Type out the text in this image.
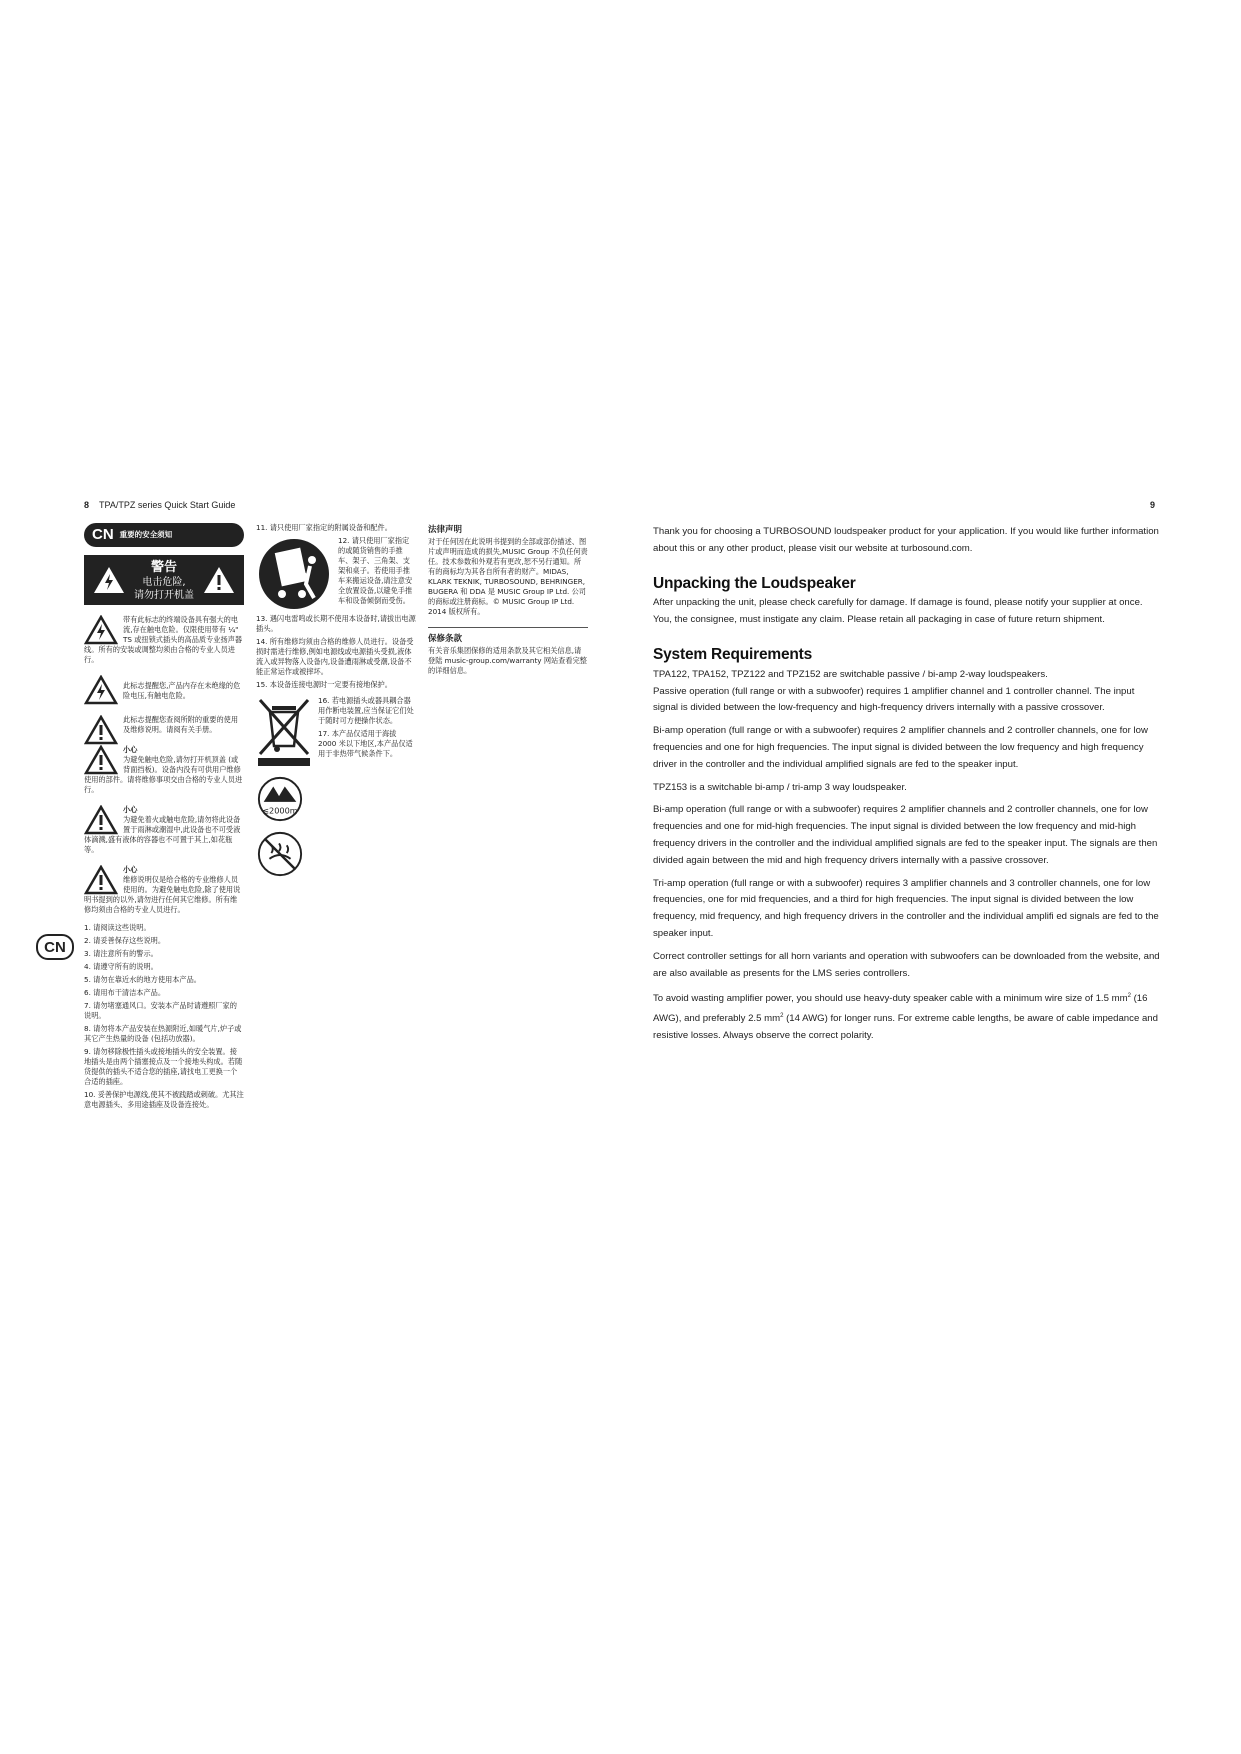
8 TPA/TPZ series Quick Start Guide	9
CN
CN 重要的安全须知
警告
电击危险,
请勿打开机盖

带有此标志的终端设备具有强大的电流,存在触电危险。仅限使用带有 ¼" TS 或扭锁式插头的高品质专业扬声器线。所有的安装或调整均须由合格的专业人员进行。

此标志提醒您,产品内存在未绝缘的危险电压,有触电危险。

此标志提醒您查阅所附的重要的使用及维修说明。请阅有关手册。

小心
为避免触电危险,请勿打开机顶盖 (或背面挡板)。设备内没有可供用户维修使用的部件。请将维修事项交由合格的专业人员进行。

小心
为避免着火或触电危险,请勿将此设备置于雨淋或潮湿中,此设备也不可受液体滴溅,盛有液体的容器也不可置于其上,如花瓶等。

小心
维修说明仅是给合格的专业维修人员使用的。为避免触电危险,除了使用说明书提到的以外,请勿进行任何其它维修。所有维修均须由合格的专业人员进行。

1. 请阅读这些说明。

2. 请妥善保存这些说明。

3. 请注意所有的警示。

4. 请遵守所有的说明。

5. 请勿在靠近水的地方使用本产品。

6. 请用布干清洁本产品。

7. 请勿堵塞通风口。安装本产品时请遵照厂家的说明。

8. 请勿将本产品安装在热源附近,如暖气片,炉子或其它产生热量的设备 (包括功放器)。

9. 请勿移除极性插头或接地插头的安全装置。接地插头是由两个插塞接点及一个接地头构成。若随货提供的插头不适合您的插座,请找电工更换一个合适的插座。

10. 妥善保护电源线,使其不被践踏或刺破。尤其注意电源插头、多用途插座及设备连接处。

11. 请只使用厂家指定的附属设备和配件。

12. 请只使用厂家指定的或随货销售的手推车、架子、三角架、支架和桌子。若使用手推车来搬运设备,请注意安全放置设备,以避免手推车和设备倾倒而受伤。

13. 遇闪电雷鸣或长期不使用本设备时,请拔出电源插头。

14. 所有维修均须由合格的维修人员进行。设备受损时需进行维修,例如电源线或电源插头受损,液体流入或异物落入设备内,设备遭雨淋或受潮,设备不能正常运作或被摔坏。

15. 本设备连接电源时一定要有接地保护。

≤2000m

16. 若电源插头或器具耦合器用作断电装置,应当保证它们处于随时可方便操作状态。

17. 本产品仅适用于海拔 2000 米以下地区,本产品仅适用于非热带气候条件下。

法律声明

对于任何因在此说明书提到的全部或部份描述、图片或声明而造成的损失,MUSIC Group 不负任何责任。技术参数和外观若有更改,恕不另行通知。所有的商标均为其各自所有者的财产。MIDAS, KLARK TEKNIK, TURBOSOUND, BEHRINGER, BUGERA 和 DDA 是 MUSIC Group IP Ltd. 公司的商标或注册商标。© MUSIC Group IP Ltd. 2014 版权所有。

保修条款

有关音乐集团保修的适用条款及其它相关信息,请登陆 music-group.com/warranty 网站查看完整的详细信息。

Thank you for choosing a TURBOSOUND loudspeaker product for your application. If you would like further information about this or any other product, please visit our website at turbosound.com.

Unpacking the Loudspeaker

After unpacking the unit, please check carefully for damage. If damage is found, please notify your supplier at once. You, the consignee, must instigate any claim. Please retain all packaging in case of future return shipment.

System Requirements

TPA122, TPA152, TPZ122 and TPZ152 are switchable passive / bi-amp 2-way loudspeakers.

Passive operation (full range or with a subwoofer) requires 1 amplifier channel and 1 controller channel. The input signal is divided between the low-frequency and high-frequency drivers internally with a passive crossover.

Bi-amp operation (full range or with a subwoofer) requires 2 amplifier channels and 2 controller channels, one for low frequencies and one for high frequencies. The input signal is divided between the low frequency and high frequency driver in the controller and the individual amplified signals are fed to the speaker input.

TPZ153 is a switchable bi-amp / tri-amp 3 way loudspeaker.

Bi-amp operation (full range or with a subwoofer) requires 2 amplifier channels and 2 controller channels, one for low frequencies and one for mid-high frequencies. The input signal is divided between the low frequency and mid-high frequency drivers in the controller and the individual amplified signals are fed to the speaker input. The signals are then divided again between the mid and high frequency drivers internally with a passive crossover.

Tri-amp operation (full range or with a subwoofer) requires 3 amplifier channels and 3 controller channels, one for low frequencies, one for mid frequencies, and a third for high frequencies. The input signal is divided between the low frequency, mid frequency, and high frequency drivers in the controller and the individual amplifi ed signals are fed to the speaker input.

Correct controller settings for all horn variants and operation with subwoofers can be downloaded from the website, and are also available as presents for the LMS series controllers.

To avoid wasting amplifier power, you should use heavy-duty speaker cable with a minimum wire size of 1.5 $mm^2$ (16 AWG), and preferably 2.5 $mm^2$ (14 AWG) for longer runs. For extreme cable lengths, be aware of cable impedance and resistive losses. Always observe the correct polarity.
